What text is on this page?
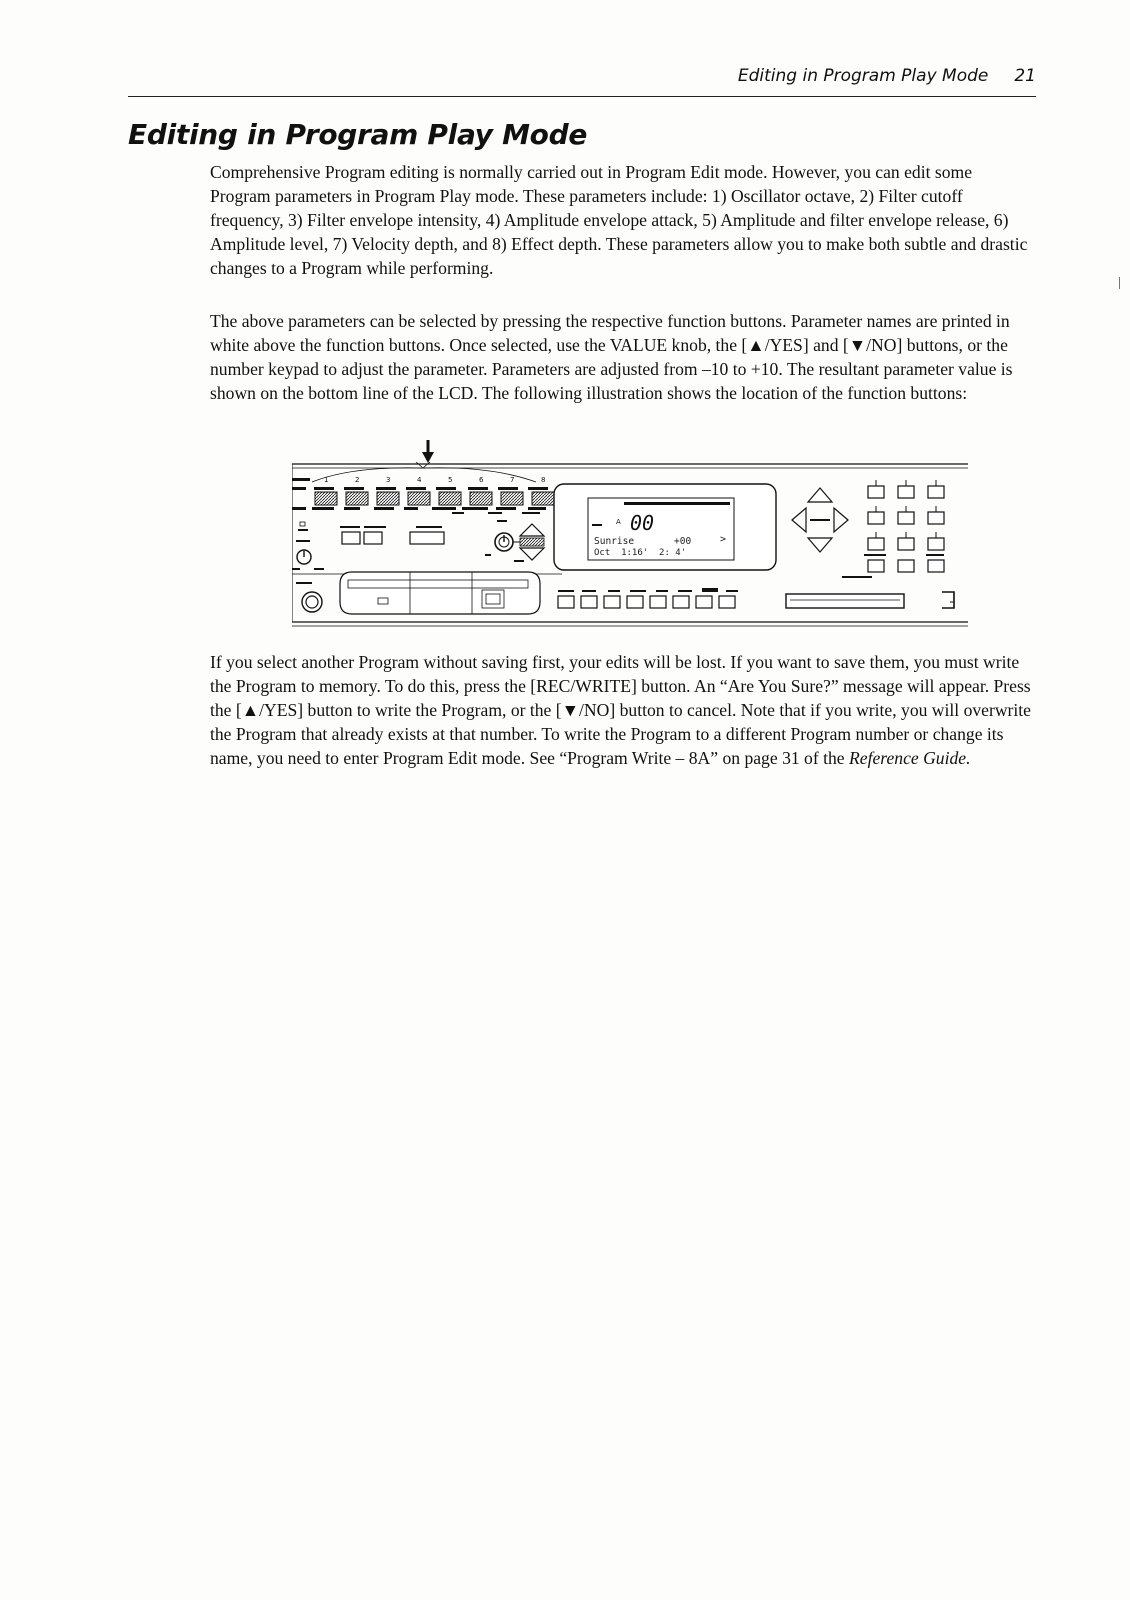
Editing in Program Play Mode 21
Editing in Program Play Mode

Comprehensive Program editing is normally carried out in Program Edit mode. However, you can edit some Program parameters in Program Play mode. These parameters include: 1) Oscillator octave, 2) Filter cutoff frequency, 3) Filter envelope intensity, 4) Amplitude envelope attack, 5) Amplitude and filter envelope release, 6) Amplitude level, 7) Velocity depth, and 8) Effect depth. These parameters allow you to make both subtle and drastic changes to a Program while performing.

The above parameters can be selected by pressing the respective function buttons. Parameter names are printed in white above the function buttons. Once selected, use the VALUE knob, the [▲/YES] and [▼/NO] buttons, or the number keypad to adjust the parameter. Parameters are adjusted from –10 to +10. The resultant parameter value is shown on the bottom line of the LCD. The following illustration shows the location of the function buttons:

1	2	3	4	5	6	7	8
A 00
Sunrise	+00	>
Oct  1:16'  2: 4'

If you select another Program without saving first, your edits will be lost. If you want to save them, you must write the Program to memory. To do this, press the [REC/WRITE] button. An “Are You Sure?” message will appear. Press the [▲/YES] button to write the Program, or the [▼/NO] button to cancel. Note that if you write, you will overwrite the Program that already exists at that number. To write the Program to a different Program number or change its name, you need to enter Program Edit mode. See “Program Write – 8A” on page 31 of the Reference Guide.
